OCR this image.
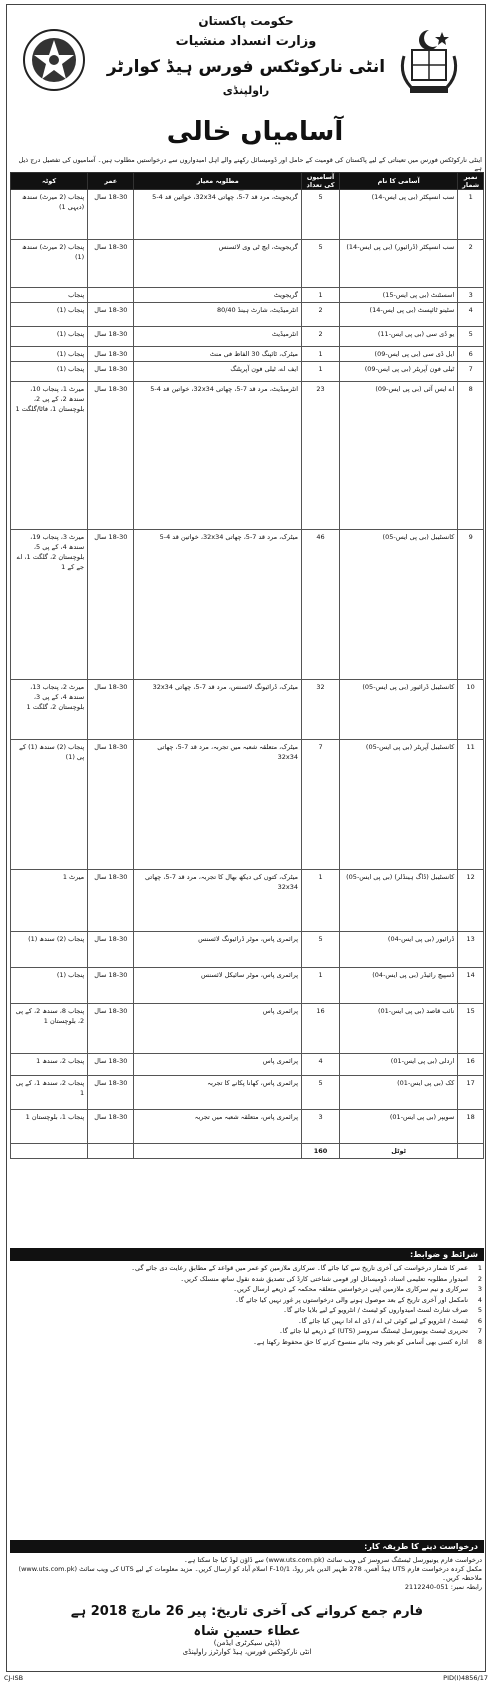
حکومت پاکستان
وزارت انسداد منشیات
انٹی نارکوٹکس فورس ہیڈ کوارٹر
راولپنڈی
آسامیاں خالی
اینٹی نارکوٹکس فورس میں تعیناتی کے لیے پاکستان کی قومیت کے حامل اور ڈومیسائل رکھنے والے اہل امیدواروں سے درخواستیں مطلوب ہیں۔ آسامیوں کی تفصیل درج ذیل ہے
نمبر شمار	آسامی کا نام	آسامیوں کی تعداد	مطلوبہ معیار	عمر	کوٹہ
1	سب انسپکٹر (بی پی ایس-14)	5	گریجویٹ، مرد قد 7-5، چھاتی 32x34، خواتین قد 4-5	18-30 سال	پنجاب (2 میرٹ) سندھ (دیہی 1)
2	سب انسپکٹر (ڈرائیور) (بی پی ایس-14)	5	گریجویٹ، ایچ ٹی وی لائسنس	18-30 سال	پنجاب (2 میرٹ) سندھ (1)
3	اسسٹنٹ (بی پی ایس-15)	1	گریجویٹ		پنجاب
4	سٹینو ٹائپسٹ (بی پی ایس-14)	2	انٹرمیڈیٹ، شارٹ ہینڈ 80/40	18-30 سال	پنجاب (1)
5	یو ڈی سی (بی پی ایس-11)	2	انٹرمیڈیٹ	18-30 سال	پنجاب (1)
6	ایل ڈی سی (بی پی ایس-09)	1	میٹرک، ٹائپنگ 30 الفاظ فی منٹ	18-30 سال	پنجاب (1)
7	ٹیلی فون آپریٹر (بی پی ایس-09)	1	ایف اے، ٹیلی فون آپریٹنگ	18-30 سال	پنجاب (1)
8	اے ایس آئی (بی پی ایس-09)	23	انٹرمیڈیٹ، مرد قد 7-5، چھاتی 32x34، خواتین قد 4-5	18-30 سال	میرٹ 1، پنجاب 10، سندھ 2، کے پی 2، بلوچستان 1، فاٹا/گلگت 1
9	کانسٹیبل (بی پی ایس-05)	46	میٹرک، مرد قد 7-5، چھاتی 32x34، خواتین قد 4-5	18-30 سال	میرٹ 3، پنجاب 19، سندھ 4، کے پی 5، بلوچستان 2، گلگت 1، اے جے کے 1
10	کانسٹیبل ڈرائیور (بی پی ایس-05)	32	میٹرک، ڈرائیونگ لائسنس، مرد قد 7-5، چھاتی 32x34	18-30 سال	میرٹ 2، پنجاب 13، سندھ 4، کے پی 3، بلوچستان 2، گلگت 1
11	کانسٹیبل آپریٹر (بی پی ایس-05)	7	میٹرک، متعلقہ شعبہ میں تجربہ، مرد قد 7-5، چھاتی 32x34	18-30 سال	پنجاب (2) سندھ (1) کے پی (1)
12	کانسٹیبل (ڈاگ ہینڈلر) (بی پی ایس-05)	1	میٹرک، کتوں کی دیکھ بھال کا تجربہ، مرد قد 7-5، چھاتی 32x34	18-30 سال	میرٹ 1
13	ڈرائیور (بی پی ایس-04)	5	پرائمری پاس، موٹر ڈرائیونگ لائسنس	18-30 سال	پنجاب (2) سندھ (1)
14	ڈسپیچ رائیڈر (بی پی ایس-04)	1	پرائمری پاس، موٹر سائیکل لائسنس	18-30 سال	پنجاب (1)
15	نائب قاصد (بی پی ایس-01)	16	پرائمری پاس	18-30 سال	پنجاب 8، سندھ 2، کے پی 2، بلوچستان 1
16	اردلی (بی پی ایس-01)	4	پرائمری پاس	18-30 سال	پنجاب 2، سندھ 1
17	کک (بی پی ایس-01)	5	پرائمری پاس، کھانا پکانے کا تجربہ	18-30 سال	پنجاب 2، سندھ 1، کے پی 1
18	سویپر (بی پی ایس-01)	3	پرائمری پاس، متعلقہ شعبہ میں تجربہ	18-30 سال	پنجاب 1، بلوچستان 1
	ٹوٹل	160			
شرائط و ضوابط:
1
عمر کا شمار درخواست کی آخری تاریخ سے کیا جائے گا۔ سرکاری ملازمین کو عمر میں قواعد کے مطابق رعایت دی جائے گی۔
2
امیدوار مطلوبہ تعلیمی اسناد، ڈومیسائل اور قومی شناختی کارڈ کی تصدیق شدہ نقول ساتھ منسلک کریں۔
3
سرکاری و نیم سرکاری ملازمین اپنی درخواستیں متعلقہ محکمہ کے ذریعے ارسال کریں۔
4
نامکمل اور آخری تاریخ کے بعد موصول ہونے والی درخواستوں پر غور نہیں کیا جائے گا۔
5
صرف شارٹ لسٹ امیدواروں کو ٹیسٹ / انٹرویو کے لیے بلایا جائے گا۔
6
ٹیسٹ / انٹرویو کے لیے کوئی ٹی اے / ڈی اے ادا نہیں کیا جائے گا۔
7
تحریری ٹیسٹ یونیورسل ٹیسٹنگ سروسز (UTS) کے ذریعے لیا جائے گا۔
8
ادارہ کسی بھی آسامی کو بغیر وجہ بتائے منسوخ کرنے کا حق محفوظ رکھتا ہے۔
درخواست دینے کا طریقہ کار:
درخواست فارم یونیورسل ٹیسٹنگ سروسز کی ویب سائٹ (www.uts.com.pk) سے ڈاؤن لوڈ کیا جا سکتا ہے۔
مکمل کردہ درخواست فارم UTS ہیڈ آفس، 278 ظہیر الدین بابر روڈ، F-10/1 اسلام آباد کو ارسال کریں۔ مزید معلومات کے لیے UTS کی ویب سائٹ (www.uts.com.pk) ملاحظہ کریں۔
رابطہ نمبر: 051-2112240
فارم جمع کروانے کی آخری تاریخ: پیر 26 مارچ 2018 ہے
عطاء حسین شاہ
(ڈپٹی سیکرٹری ایڈمن)
انٹی نارکوٹکس فورس، ہیڈ کوارٹرز راولپنڈی
CJ-ISB	PID(I)4856/17
